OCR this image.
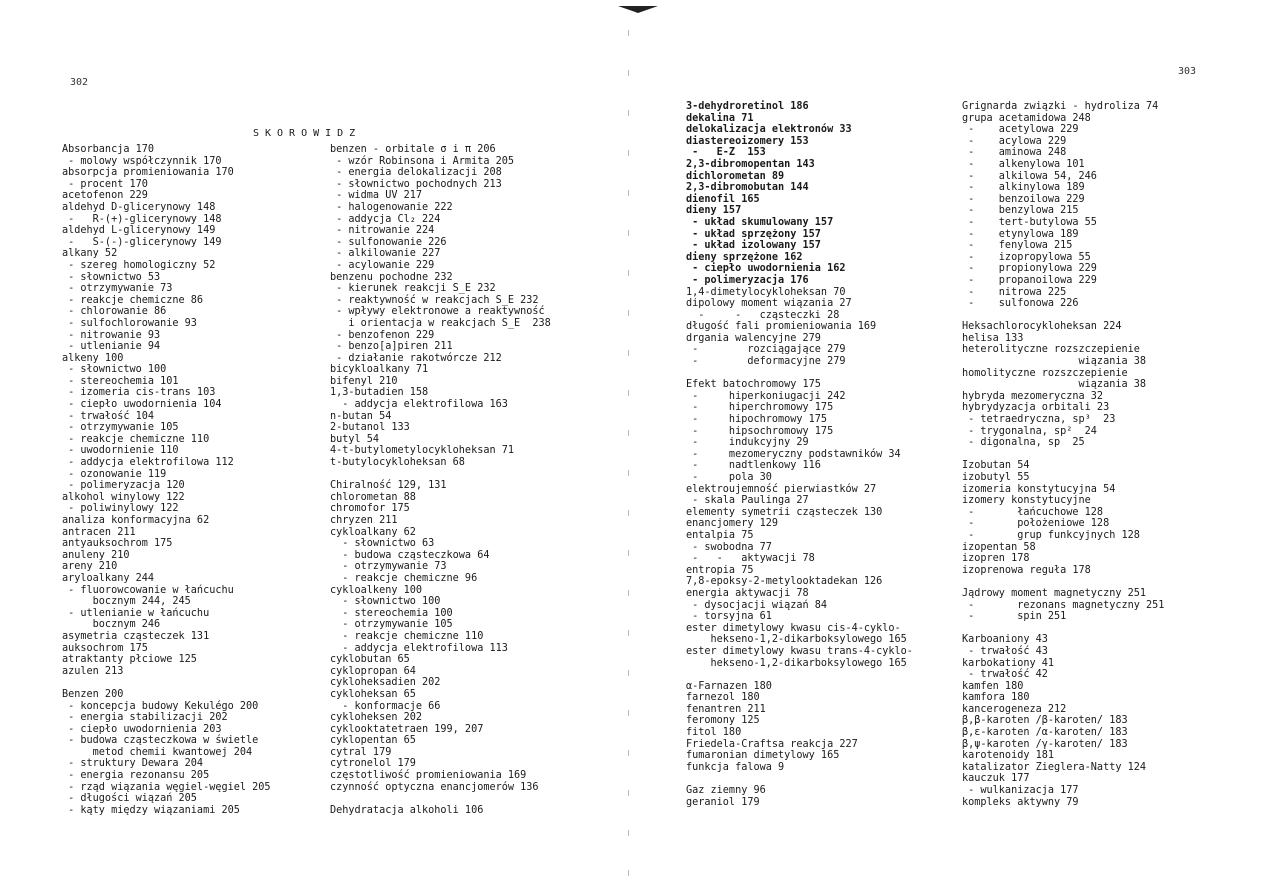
302
SKOROWIDZ
Absorbancja 170
- molowy współczynnik 170
absorpcja promieniowania 170
- procent 170
acetofenon 229
aldehyd D-glicerynowy 148
-   R-(+)-glicerynowy 148
aldehyd L-glicerynowy 149
-   S-(-)-glicerynowy 149
alkany 52
- szereg homologiczny 52
- słownictwo 53
- otrzymywanie 73
- reakcje chemiczne 86
- chlorowanie 86
- sulfochlorowanie 93
- nitrowanie 93
- utlenianie 94
alkeny 100
- słownictwo 100
- stereochemia 101
- izomeria cis-trans 103
- ciepło uwodornienia 104
- trwałość 104
- otrzymywanie 105
- reakcje chemiczne 110
- uwodornienie 110
- addycja elektrofilowa 112
- ozonowanie 119
- polimeryzacja 120
alkohol winylowy 122
- poliwinylowy 122
analiza konformacyjna 62
antracen 211
antyauksochrom 175
anuleny 210
areny 210
aryloalkany 244
- fluorowcowanie w łańcuchu
bocznym 244, 245
- utlenianie w łańcuchu
bocznym 246
asymetria cząsteczek 131
auksochrom 175
atraktanty płciowe 125
azulen 213
Benzen 200
- koncepcja budowy Kekulégo 200
- energia stabilizacji 202
- ciepło uwodornienia 203
- budowa cząsteczkowa w świetle
metod chemii kwantowej 204
- struktury Dewara 204
- energia rezonansu 205
- rząd wiązania węgiel-węgiel 205
- długości wiązań 205
- kąty między wiązaniami 205
benzen - orbitale σ i π 206
- wzór Robinsona i Armita 205
- energia delokalizacji 208
- słownictwo pochodnych 213
- widma UV 217
- halogenowanie 222
- addycja Cl₂ 224
- nitrowanie 224
- sulfonowanie 226
- alkilowanie 227
- acylowanie 229
benzenu pochodne 232
- kierunek reakcji S_E 232
- reaktywność w reakcjach S_E 232
- wpływy elektronowe a reaktywność
i orientacja w reakcjach S_E  238
- benzofenon 229
- benzo[a]piren 211
- działanie rakotwórcze 212
bicykloalkany 71
bifenyl 210
1,3-butadien 158
- addycja elektrofilowa 163
n-butan 54
2-butanol 133
butyl 54
4-t-butylometylocykloheksan 71
t-butylocykloheksan 68
Chiralność 129, 131
chlorometan 88
chromofor 175
chryzen 211
cykloalkany 62
- słownictwo 63
- budowa cząsteczkowa 64
- otrzymywanie 73
- reakcje chemiczne 96
cykloalkeny 100
- słownictwo 100
- stereochemia 100
- otrzymywanie 105
- reakcje chemiczne 110
- addycja elektrofilowa 113
cyklobutan 65
cyklopropan 64
cykloheksadien 202
cykloheksan 65
- konformacje 66
cykloheksen 202
cyklooktatetraen 199, 207
cyklopentan 65
cytral 179
cytronelol 179
częstotliwość promieniowania 169
czynność optyczna enancjomerów 136
Dehydratacja alkoholi 106
303
3-dehydroretinol 186
dekalina 71
delokalizacja elektronów 33
diastereoizomery 153
-   E-Z  153
2,3-dibromopentan 143
dichlorometan 89
2,3-dibromobutan 144
dienofil 165
dieny 157
- układ skumulowany 157
- układ sprzężony 157
- układ izolowany 157
dieny sprzężone 162
- ciepło uwodornienia 162
- polimeryzacja 176
1,4-dimetylocykloheksan 70
dipolowy moment wiązania 27
-     -   cząsteczki 28
długość fali promieniowania 169
drgania walencyjne 279
-        rozciągające 279
-        deformacyjne 279
Efekt batochromowy 175
-     hiperkoniugacji 242
-     hiperchromowy 175
-     hipochromowy 175
-     hipsochromowy 175
-     indukcyjny 29
-     mezomeryczny podstawników 34
-     nadtlenkowy 116
-     pola 30
elektroujemność pierwiastków 27
- skala Paulinga 27
elementy symetrii cząsteczek 130
enancjomery 129
entalpia 75
- swobodna 77
-   -   aktywacji 78
entropia 75
7,8-epoksy-2-metylooktadekan 126
energia aktywacji 78
- dysocjacji wiązań 84
- torsyjna 61
ester dimetylowy kwasu cis-4-cyklo-
hekseno-1,2-dikarboksylowego 165
ester dimetylowy kwasu trans-4-cyklo-
hekseno-1,2-dikarboksylowego 165
α-Farnazen 180
farnezol 180
fenantren 211
feromony 125
fitol 180
Friedela-Craftsa reakcja 227
fumaronian dimetylowy 165
funkcja falowa 9
Gaz ziemny 96
geraniol 179
Grignarda związki - hydroliza 74
grupa acetamidowa 248
-    acetylowa 229
-    acylowa 229
-    aminowa 248
-    alkenylowa 101
-    alkilowa 54, 246
-    alkinylowa 189
-    benzoilowa 229
-    benzylowa 215
-    tert-butylowa 55
-    etynylowa 189
-    fenylowa 215
-    izopropylowa 55
-    propionylowa 229
-    propanoilowa 229
-    nitrowa 225
-    sulfonowa 226
Heksachlorocykloheksan 224
helisa 133
heterolityczne rozszczepienie
wiązania 38
homolityczne rozszczepienie
wiązania 38
hybryda mezomeryczna 32
hybrydyzacja orbitali 23
- tetraedryczna, sp³  23
- trygonalna, sp²  24
- digonalna, sp  25
Izobutan 54
izobutyl 55
izomeria konstytucyjna 54
izomery konstytucyjne
-       łańcuchowe 128
-       położeniowe 128
-       grup funkcyjnych 128
izopentan 58
izopren 178
izoprenowa reguła 178
Jądrowy moment magnetyczny 251
-       rezonans magnetyczny 251
-       spin 251
Karboaniony 43
- trwałość 43
karbokationy 41
- trwałość 42
kamfen 180
kamfora 180
kancerogeneza 212
β,β-karoten /β-karoten/ 183
β,ε-karoten /α-karoten/ 183
β,ψ-karoten /γ-karoten/ 183
karotenoidy 181
katalizator Zieglera-Natty 124
kauczuk 177
- wulkanizacja 177
kompleks aktywny 79
